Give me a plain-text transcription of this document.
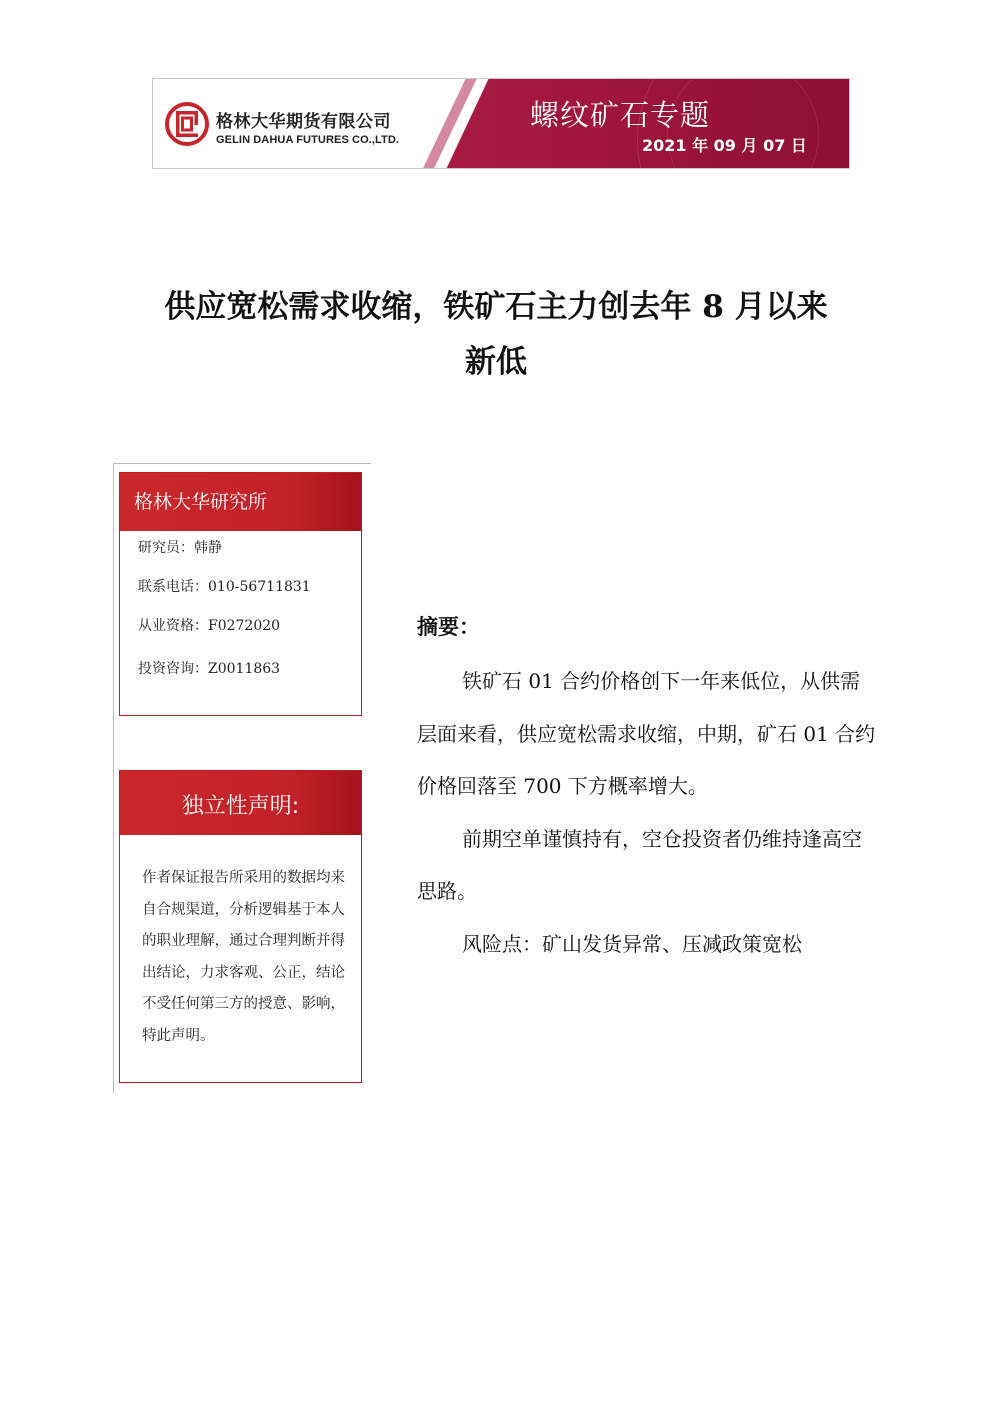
格林大华期货有限公司
GELIN DAHUA FUTURES CO.,LTD.
螺纹矿石专题
2021 年 09 月 07 日
供应宽松需求收缩，铁矿石主力创去年 8 月以来
新低
格林大华研究所
研究员：韩静
联系电话：010-56711831
从业资格：F0272020
投资咨询：Z0011863
独立性声明:
作者保证报告所采用的数据均来自合规渠道，分析逻辑基于本人的职业理解，通过合理判断并得出结论，力求客观、公正，结论不受任何第三方的授意、影响，特此声明。
摘要：

铁矿石 01 合约价格创下一年来低位，从供需层面来看，供应宽松需求收缩，中期，矿石 01 合约价格回落至 700 下方概率增大。

前期空单谨慎持有，空仓投资者仍维持逢高空思路。

风险点：矿山发货异常、压减政策宽松
